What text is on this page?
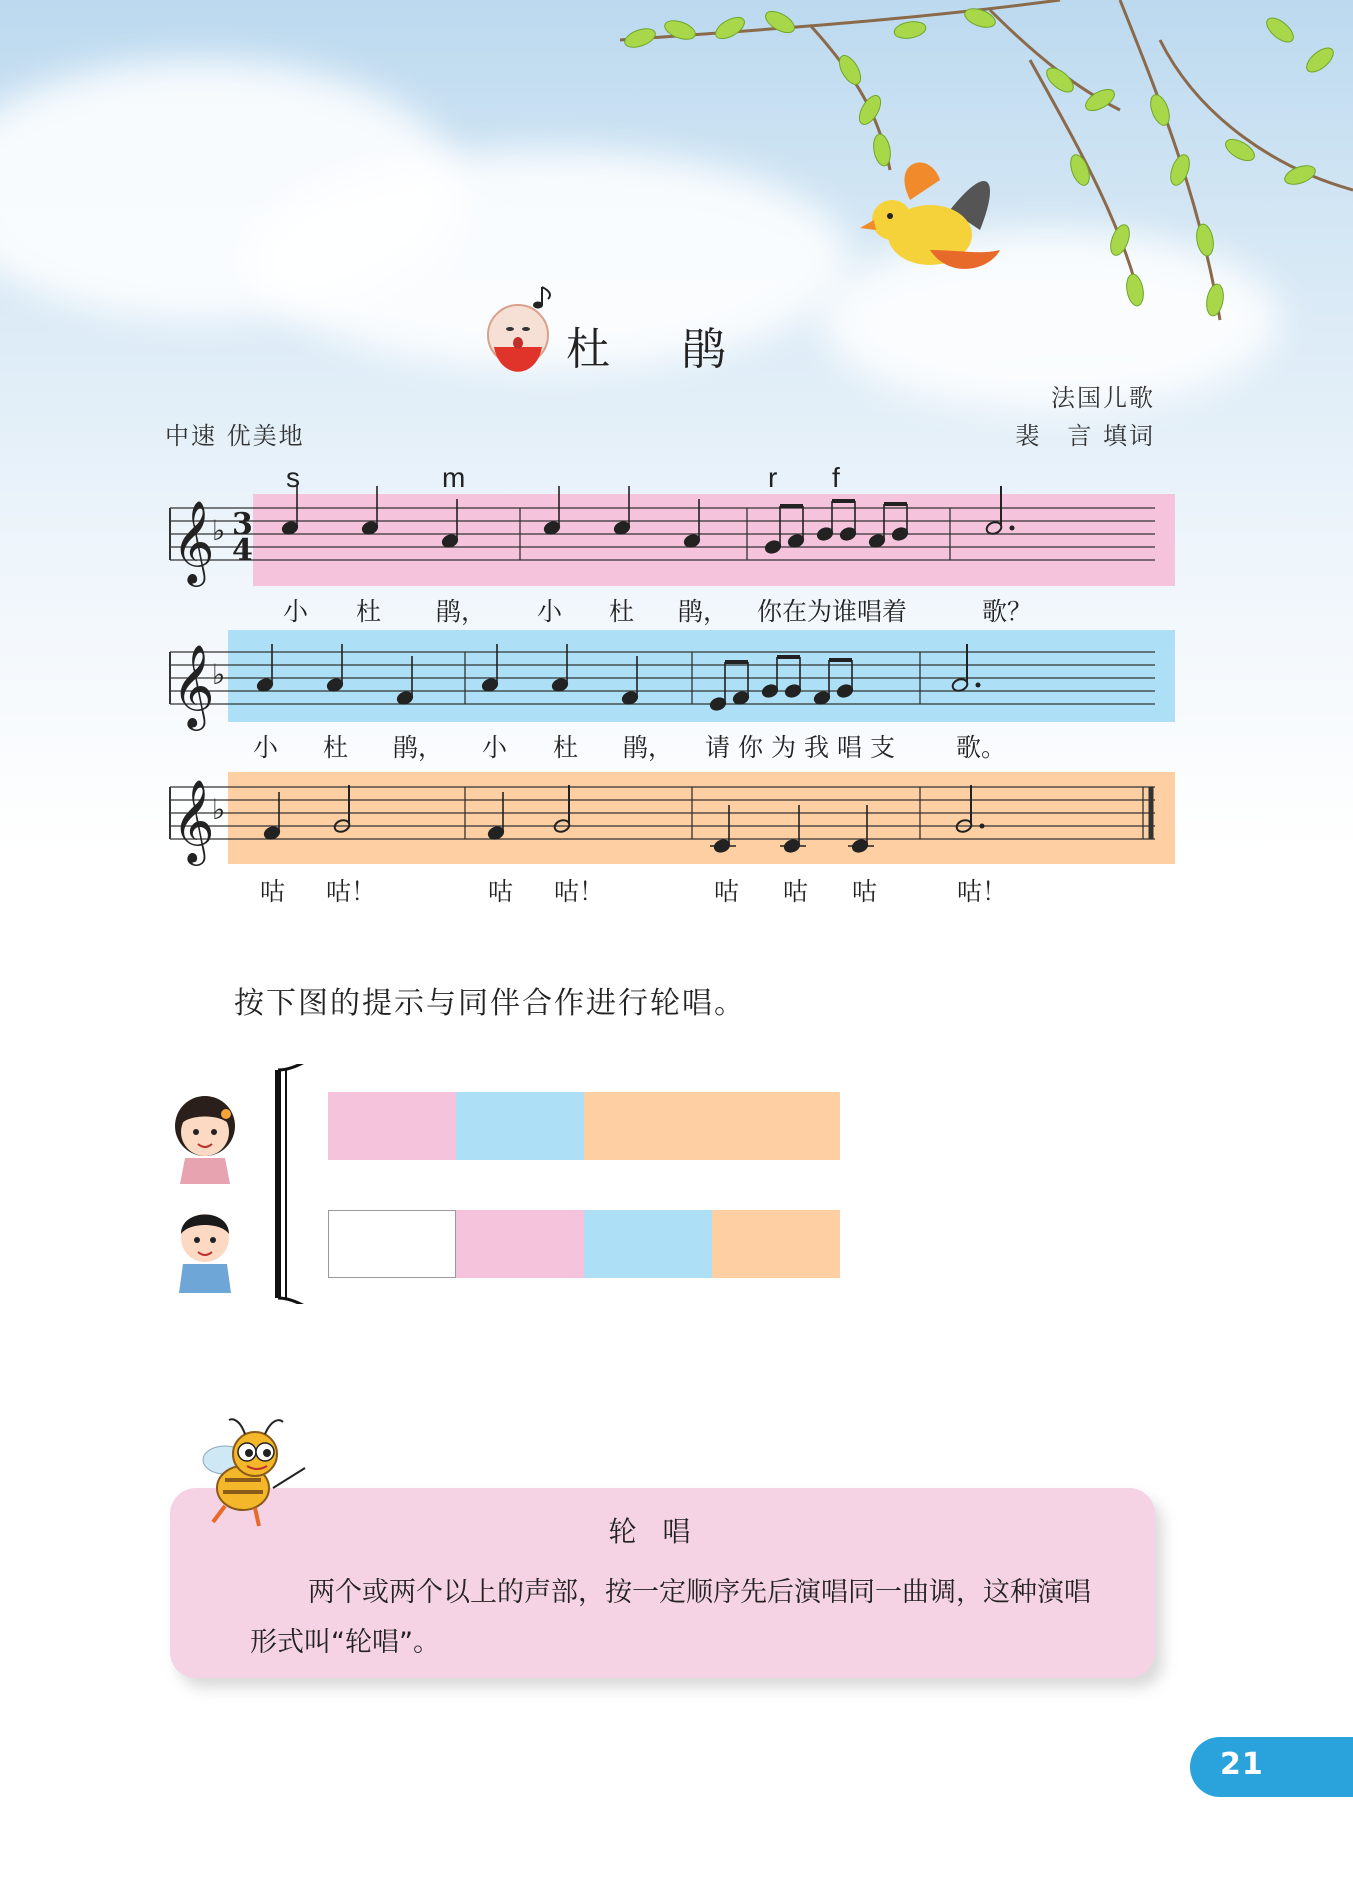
杜鹃
法国儿歌
裴　言 填词
中速 优美地
s	m	r f
𝄞
♭ 3
4
小 杜 鹃， 小 杜 鹃， 你在为谁唱着	歌？
𝄞
♭
小 杜 鹃， 小 杜 鹃， 请你为我唱支 歌。
𝄞
♭
咕 咕！	咕 咕！	咕 咕 咕	咕！
按下图的提示与同伴合作进行轮唱。
轮唱
两个或两个以上的声部，按一定顺序先后演唱同一曲调，这种演唱形式叫“轮唱”。
21
